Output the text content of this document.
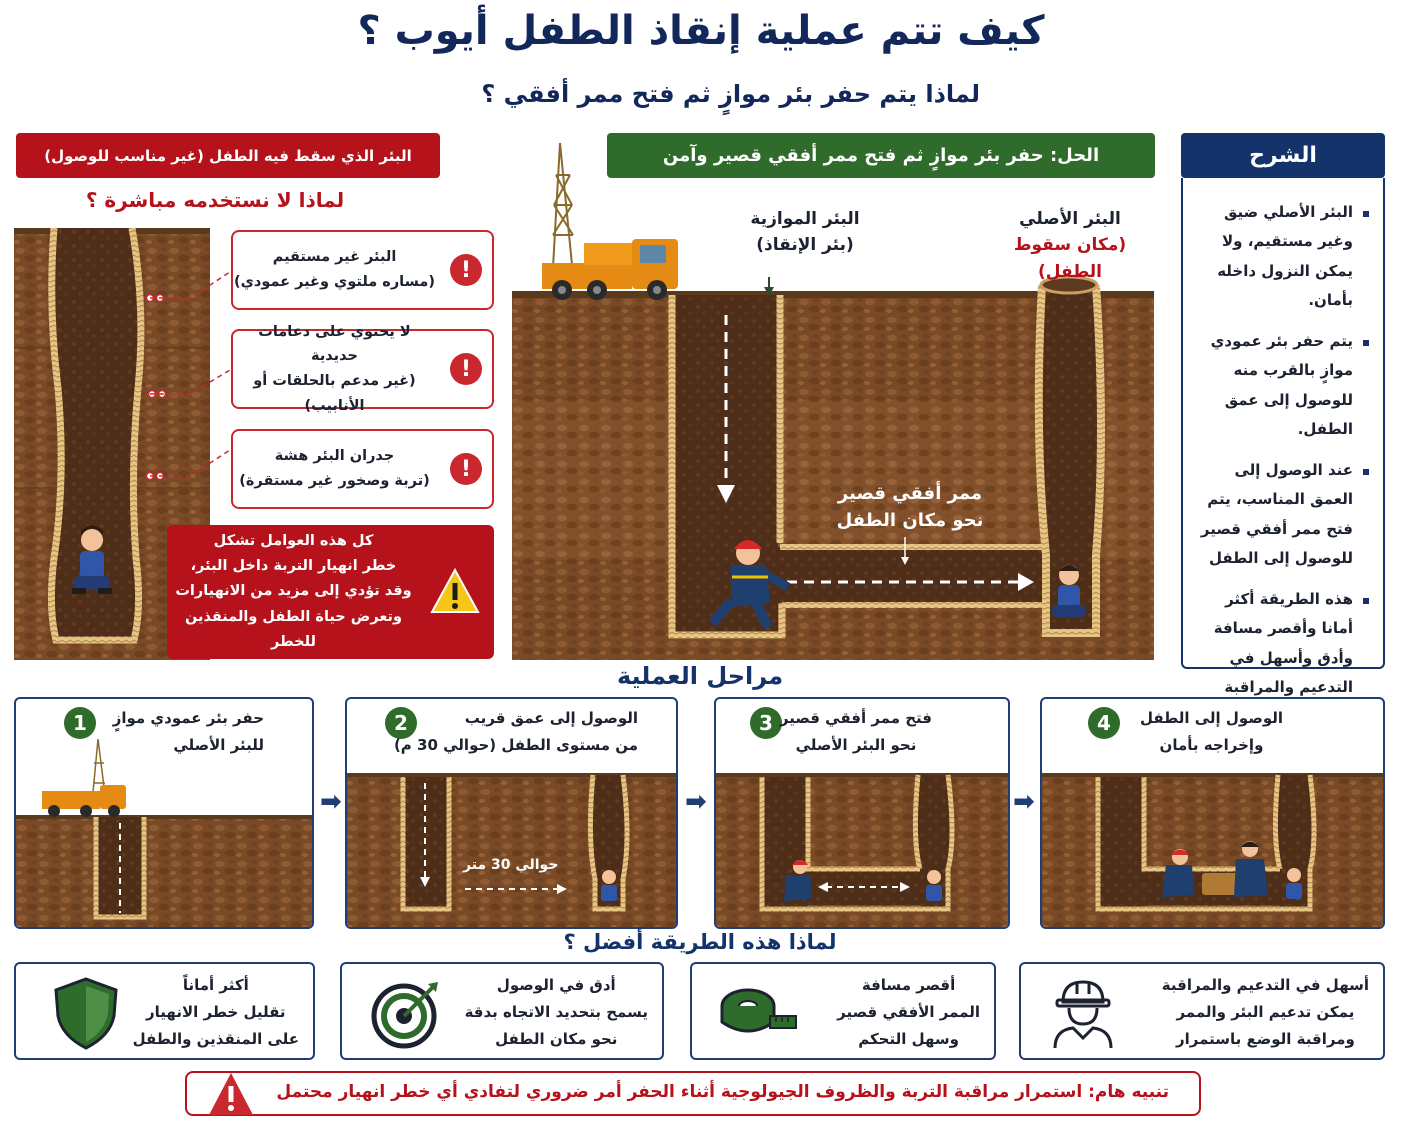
كيف تتم عملية إنقاذ الطفل أيوب ؟
لماذا يتم حفر بئر موازٍ ثم فتح ممر أفقي ؟
البئر الذي سقط فيه الطفل (غير مناسب للوصول)
لماذا لا نستخدمه مباشرة ؟
!
البئر غير مستقيم
(مساره ملتوي وغير عمودي)
!
لا يحتوي على دعامات حديدية
(غير مدعم بالحلقات أو الأنابيب)
!
جدران البئر هشة
(تربة وصخور غير مستقرة)
كل هذه العوامل تشكل
خطر انهيار التربة داخل البئر،
وقد تؤدي إلى مزيد من الانهيارات
وتعرض حياة الطفل والمنقذين للخطر
الحل: حفر بئر موازٍ ثم فتح ممر أفقي قصير وآمن
البئر الموازية
(بئر الإنقاذ)
البئر الأصلي
(مكان سقوط الطفل)
ممر أفقي قصير
نحو مكان الطفل
الشرح
البئر الأصلي ضيق وغير مستقيم، ولا يمكن النزول داخله بأمان.
يتم حفر بئر عمودي موازٍ بالقرب منه للوصول إلى عمق الطفل.
عند الوصول إلى العمق المناسب، يتم فتح ممر أفقي قصير للوصول إلى الطفل
هذه الطريقة أكثر أمانا وأقصر مسافة وأدق وأسهل في التدعيم والمراقبة
مراحل العملية
1	حفر بئر عمودي موازٍ
للبئر الأصلي
➡
2	الوصول إلى عمق قريب
من مستوى الطفل (حوالي 30 م)
حوالي 30 متر
➡
3 فتح ممر أفقي قصير
نحو البئر الأصلي
➡
4	الوصول إلى الطفل
وإخراجه بأمان
لماذا هذه الطريقة أفضل ؟
أكثر أماناً
تقليل خطر الانهيار
على المنقذين والطفل
أدق في الوصول
يسمح بتحديد الاتجاه بدقة
نحو مكان الطفل
أقصر مسافة
الممر الأفقي قصير
وسهل التحكم
أسهل في التدعيم والمراقبة
يمكن تدعيم البئر والممر
ومراقبة الوضع باستمرار
تنبيه هام: استمرار مراقبة التربة والظروف الجيولوجية أثناء الحفر أمر ضروري لتفادي أي خطر انهيار محتمل
